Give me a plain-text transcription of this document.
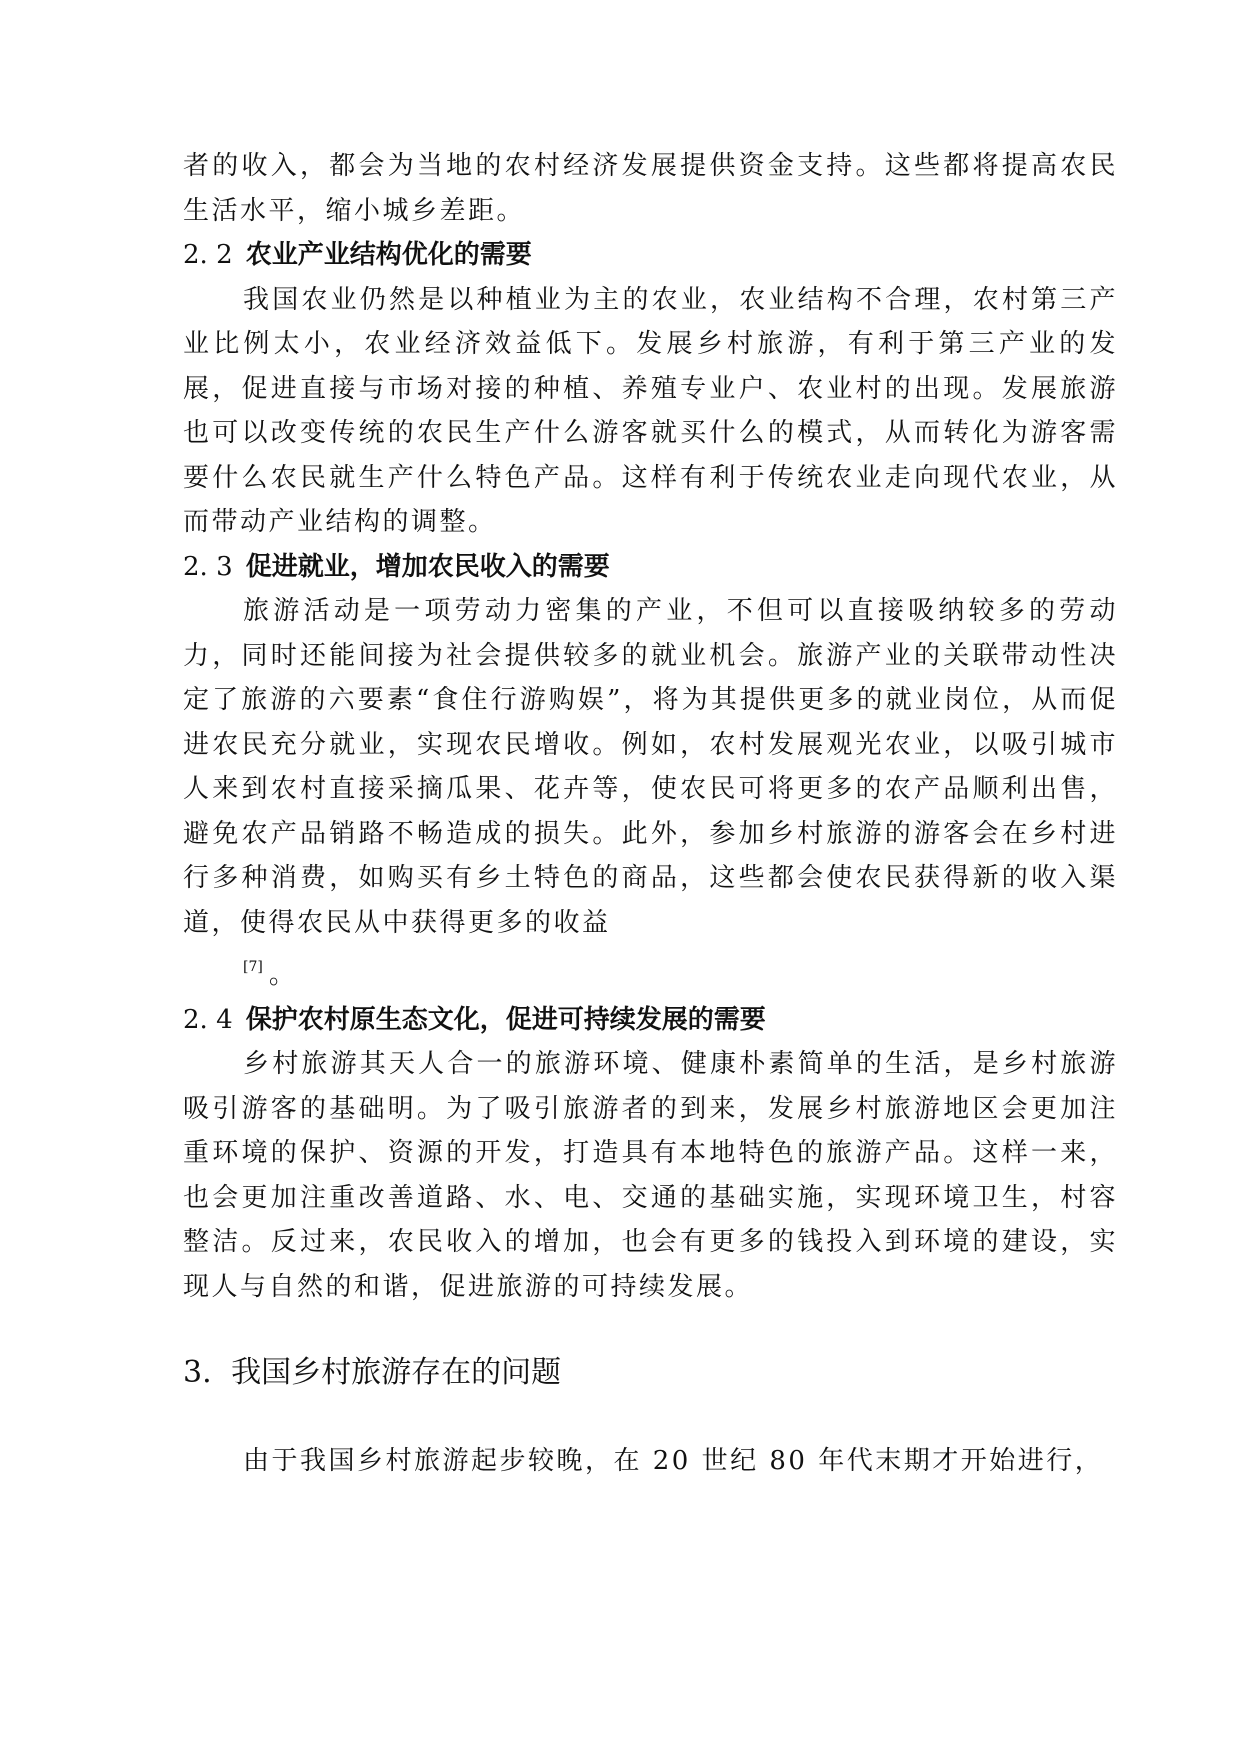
者的收入，都会为当地的农村经济发展提供资金支持。这些都将提高农民生活水平，缩小城乡差距。

2. 2 农业产业结构优化的需要

我国农业仍然是以种植业为主的农业，农业结构不合理，农村第三产业比例太小，农业经济效益低下。发展乡村旅游，有利于第三产业的发展，促进直接与市场对接的种植、养殖专业户、农业村的出现。发展旅游也可以改变传统的农民生产什么游客就买什么的模式，从而转化为游客需要什么农民就生产什么特色产品。这样有利于传统农业走向现代农业，从而带动产业结构的调整。

2. 3 促进就业，增加农民收入的需要

旅游活动是一项劳动力密集的产业，不但可以直接吸纳较多的劳动力，同时还能间接为社会提供较多的就业机会。旅游产业的关联带动性决定了旅游的六要素“食住行游购娱”，将为其提供更多的就业岗位，从而促进农民充分就业，实现农民增收。例如，农村发展观光农业，以吸引城市人来到农村直接采摘瓜果、花卉等，使农民可将更多的农产品顺利出售，避免农产品销路不畅造成的损失。此外，参加乡村旅游的游客会在乡村进行多种消费，如购买有乡土特色的商品，这些都会使农民获得新的收入渠道，使得农民从中获得更多的收益
[7] 。

2. 4 保护农村原生态文化，促进可持续发展的需要

乡村旅游其天人合一的旅游环境、健康朴素简单的生活，是乡村旅游吸引游客的基础明。为了吸引旅游者的到来，发展乡村旅游地区会更加注重环境的保护、资源的开发，打造具有本地特色的旅游产品。这样一来，也会更加注重改善道路、水、电、交通的基础实施，实现环境卫生，村容整洁。反过来，农民收入的增加，也会有更多的钱投入到环境的建设，实现人与自然的和谐，促进旅游的可持续发展。

3. 我国乡村旅游存在的问题

由于我国乡村旅游起步较晚，在 20 世纪 80 年代末期才开始进行，
